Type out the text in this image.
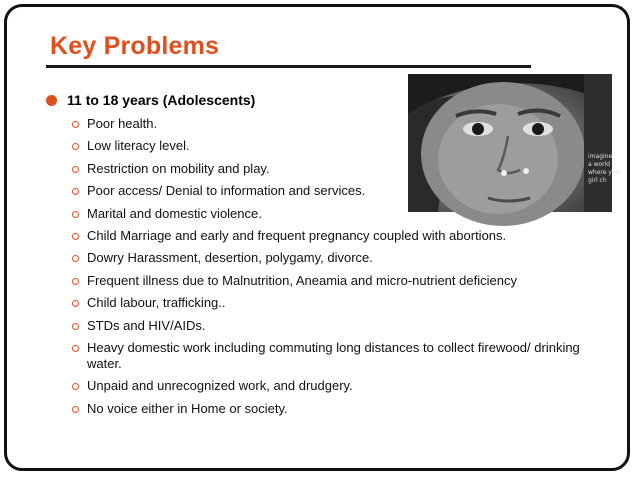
Key Problems
imagine
a world
where you
girl ch
11 to 18 years (Adolescents)
Poor health.
Low literacy level.
Restriction on mobility and play.
Poor access/ Denial to information and services.
Marital and domestic violence.
Child Marriage and early and frequent pregnancy coupled with abortions.
Dowry Harassment, desertion, polygamy, divorce.
Frequent illness due to Malnutrition, Aneamia and micro-nutrient deficiency
Child labour, trafficking..
STDs and HIV/AIDs.
Heavy domestic work including commuting long distances to collect firewood/ drinking water.
Unpaid and unrecognized work, and drudgery.
No voice either in Home or society.
